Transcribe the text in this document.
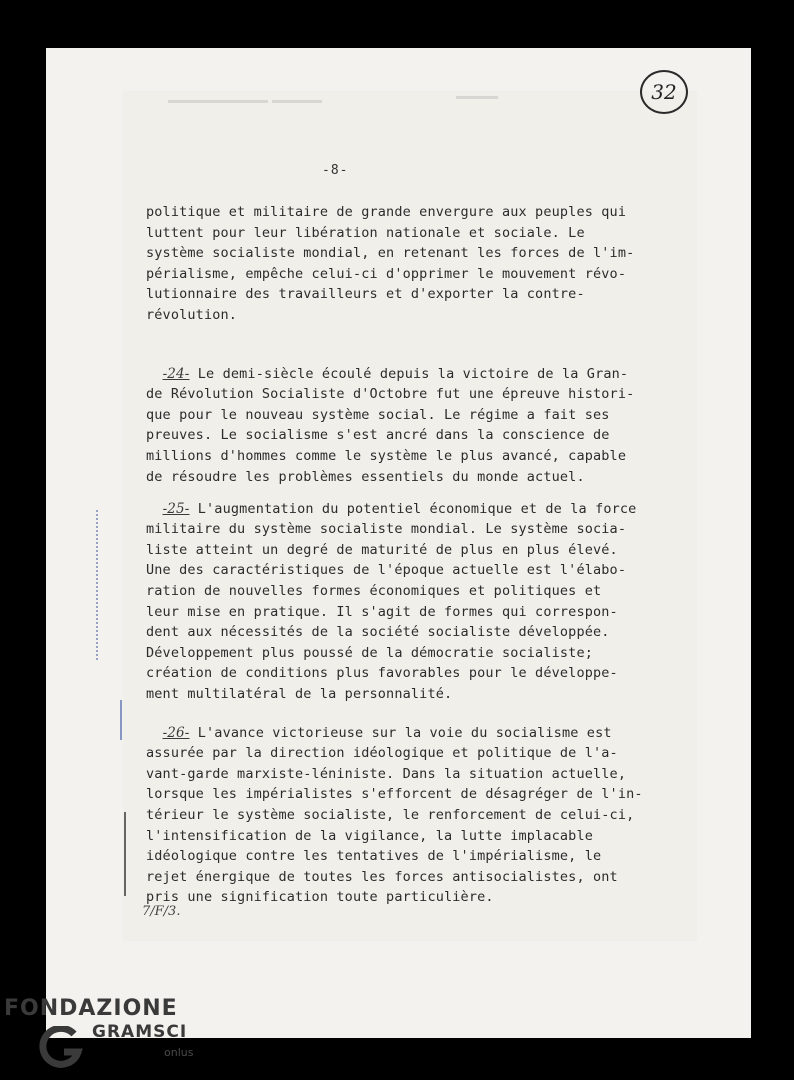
32
-8-
politique et militaire de grande envergure aux peuples qui
luttent pour leur libération nationale et sociale. Le
système socialiste mondial, en retenant les forces de l'im-
périalisme, empêche celui-ci d'opprimer le mouvement révo-
lutionnaire des travailleurs et d'exporter la contre-
révolution.

-24- Le demi-siècle écoulé depuis la victoire de la Gran-
de Révolution Socialiste d'Octobre fut une épreuve histori-
que pour le nouveau système social. Le régime a fait ses
preuves. Le socialisme s'est ancré dans la conscience de
millions d'hommes comme le système le plus avancé, capable
de résoudre les problèmes essentiels du monde actuel.

-25- L'augmentation du potentiel économique et de la force
militaire du système socialiste mondial. Le système socia-
liste atteint un degré de maturité de plus en plus élevé.
Une des caractéristiques de l'époque actuelle est l'élabo-
ration de nouvelles formes économiques et politiques et
leur mise en pratique. Il s'agit de formes qui correspon-
dent aux nécessités de la société socialiste développée.
Développement plus poussé de la démocratie socialiste;
création de conditions plus favorables pour le développe-
ment multilatéral de la personnalité.

-26- L'avance victorieuse sur la voie du socialisme est
assurée par la direction idéologique et politique de l'a-
vant-garde marxiste-léniniste. Dans la situation actuelle,
lorsque les impérialistes s'efforcent de désagréger de l'in-
térieur le système socialiste, le renforcement de celui-ci,
l'intensification de la vigilance, la lutte implacable
idéologique contre les tentatives de l'impérialisme, le
rejet énergique de toutes les forces antisocialistes, ont
pris une signification toute particulière.

7/F/3.
FONDAZIONE
GRAMSCI
onlus
